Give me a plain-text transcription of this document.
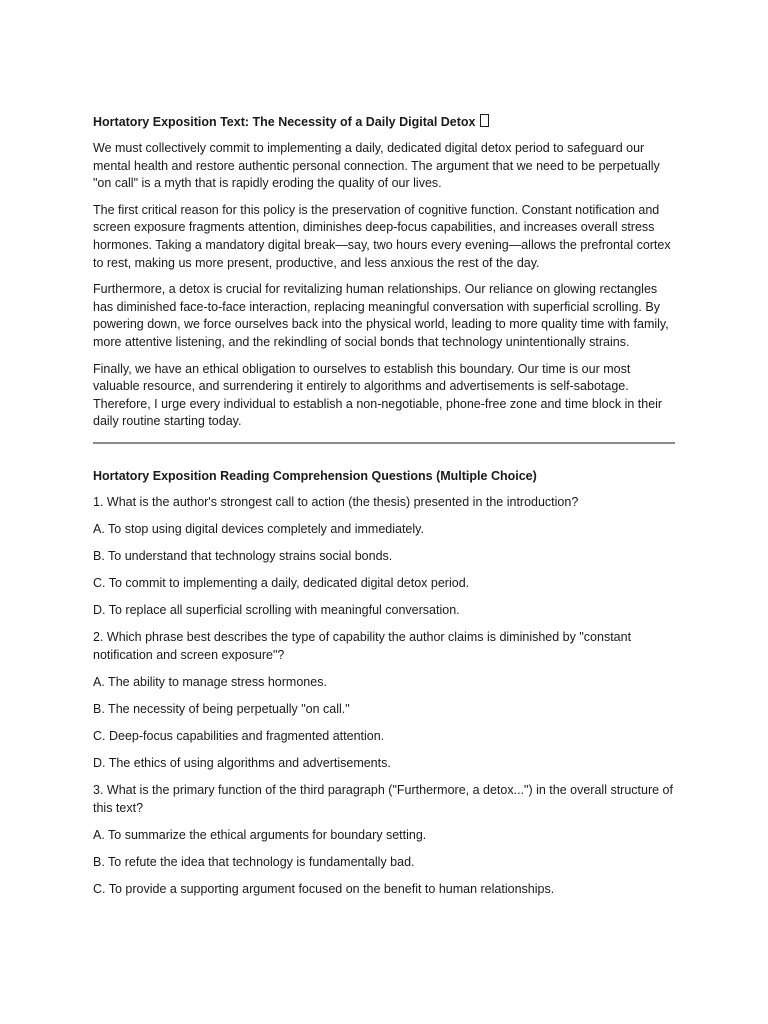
Hortatory Exposition Text: The Necessity of a Daily Digital Detox

We must collectively commit to implementing a daily, dedicated digital detox period to safeguard our mental health and restore authentic personal connection. The argument that we need to be perpetually "on call" is a myth that is rapidly eroding the quality of our lives.

The first critical reason for this policy is the preservation of cognitive function. Constant notification and screen exposure fragments attention, diminishes deep-focus capabilities, and increases overall stress hormones. Taking a mandatory digital break—say, two hours every evening—allows the prefrontal cortex to rest, making us more present, productive, and less anxious the rest of the day.

Furthermore, a detox is crucial for revitalizing human relationships. Our reliance on glowing rectangles has diminished face-to-face interaction, replacing meaningful conversation with superficial scrolling. By powering down, we force ourselves back into the physical world, leading to more quality time with family, more attentive listening, and the rekindling of social bonds that technology unintentionally strains.

Finally, we have an ethical obligation to ourselves to establish this boundary. Our time is our most valuable resource, and surrendering it entirely to algorithms and advertisements is self-sabotage. Therefore, I urge every individual to establish a non-negotiable, phone-free zone and time block in their daily routine starting today.

Hortatory Exposition Reading Comprehension Questions (Multiple Choice)

1. What is the author's strongest call to action (the thesis) presented in the introduction?

A. To stop using digital devices completely and immediately.

B. To understand that technology strains social bonds.

C. To commit to implementing a daily, dedicated digital detox period.

D. To replace all superficial scrolling with meaningful conversation.

2. Which phrase best describes the type of capability the author claims is diminished by "constant notification and screen exposure"?

A. The ability to manage stress hormones.

B. The necessity of being perpetually "on call."

C. Deep-focus capabilities and fragmented attention.

D. The ethics of using algorithms and advertisements.

3. What is the primary function of the third paragraph ("Furthermore, a detox...") in the overall structure of this text?

A. To summarize the ethical arguments for boundary setting.

B. To refute the idea that technology is fundamentally bad.

C. To provide a supporting argument focused on the benefit to human relationships.
